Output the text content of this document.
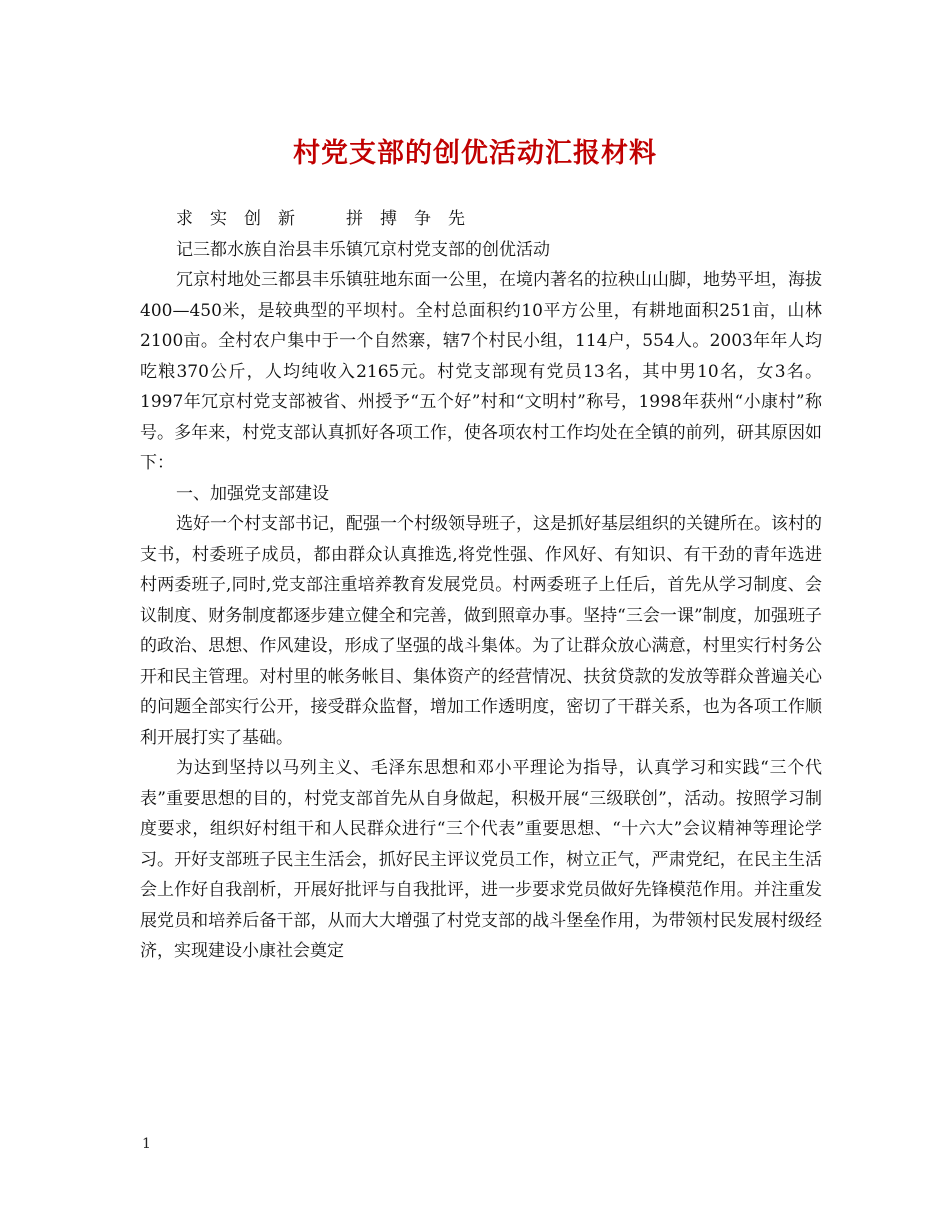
村党支部的创优活动汇报材料

求实创新　拼搏争先

记三都水族自治县丰乐镇冗京村党支部的创优活动

冗京村地处三都县丰乐镇驻地东面一公里，在境内著名的拉秧山山脚，地势平坦，海拔400—450米，是较典型的平坝村。全村总面积约10平方公里，有耕地面积251亩，山林2100亩。全村农户集中于一个自然寨，辖7个村民小组，114户，554人。2003年年人均吃粮370公斤，人均纯收入2165元。村党支部现有党员13名，其中男10名，女3名。1997年冗京村党支部被省、州授予“五个好”村和“文明村”称号，1998年获州“小康村”称号。多年来，村党支部认真抓好各项工作，使各项农村工作均处在全镇的前列，研其原因如下：

一、加强党支部建设

选好一个村支部书记，配强一个村级领导班子，这是抓好基层组织的关键所在。该村的支书，村委班子成员，都由群众认真推选,将党性强、作风好、有知识、有干劲的青年选进村两委班子,同时,党支部注重培养教育发展党员。村两委班子上任后，首先从学习制度、会议制度、财务制度都逐步建立健全和完善，做到照章办事。坚持“三会一课”制度，加强班子的政治、思想、作风建设，形成了坚强的战斗集体。为了让群众放心满意，村里实行村务公开和民主管理。对村里的帐务帐目、集体资产的经营情况、扶贫贷款的发放等群众普遍关心的问题全部实行公开，接受群众监督，增加工作透明度，密切了干群关系，也为各项工作顺利开展打实了基础。

为达到坚持以马列主义、毛泽东思想和邓小平理论为指导，认真学习和实践“三个代表”重要思想的目的，村党支部首先从自身做起，积极开展“三级联创”，活动。按照学习制度要求，组织好村组干和人民群众进行“三个代表”重要思想、“十六大”会议精神等理论学习。开好支部班子民主生活会，抓好民主评议党员工作，树立正气，严肃党纪，在民主生活会上作好自我剖析，开展好批评与自我批评，进一步要求党员做好先锋模范作用。并注重发展党员和培养后备干部，从而大大增强了村党支部的战斗堡垒作用，为带领村民发展村级经济，实现建设小康社会奠定

1
